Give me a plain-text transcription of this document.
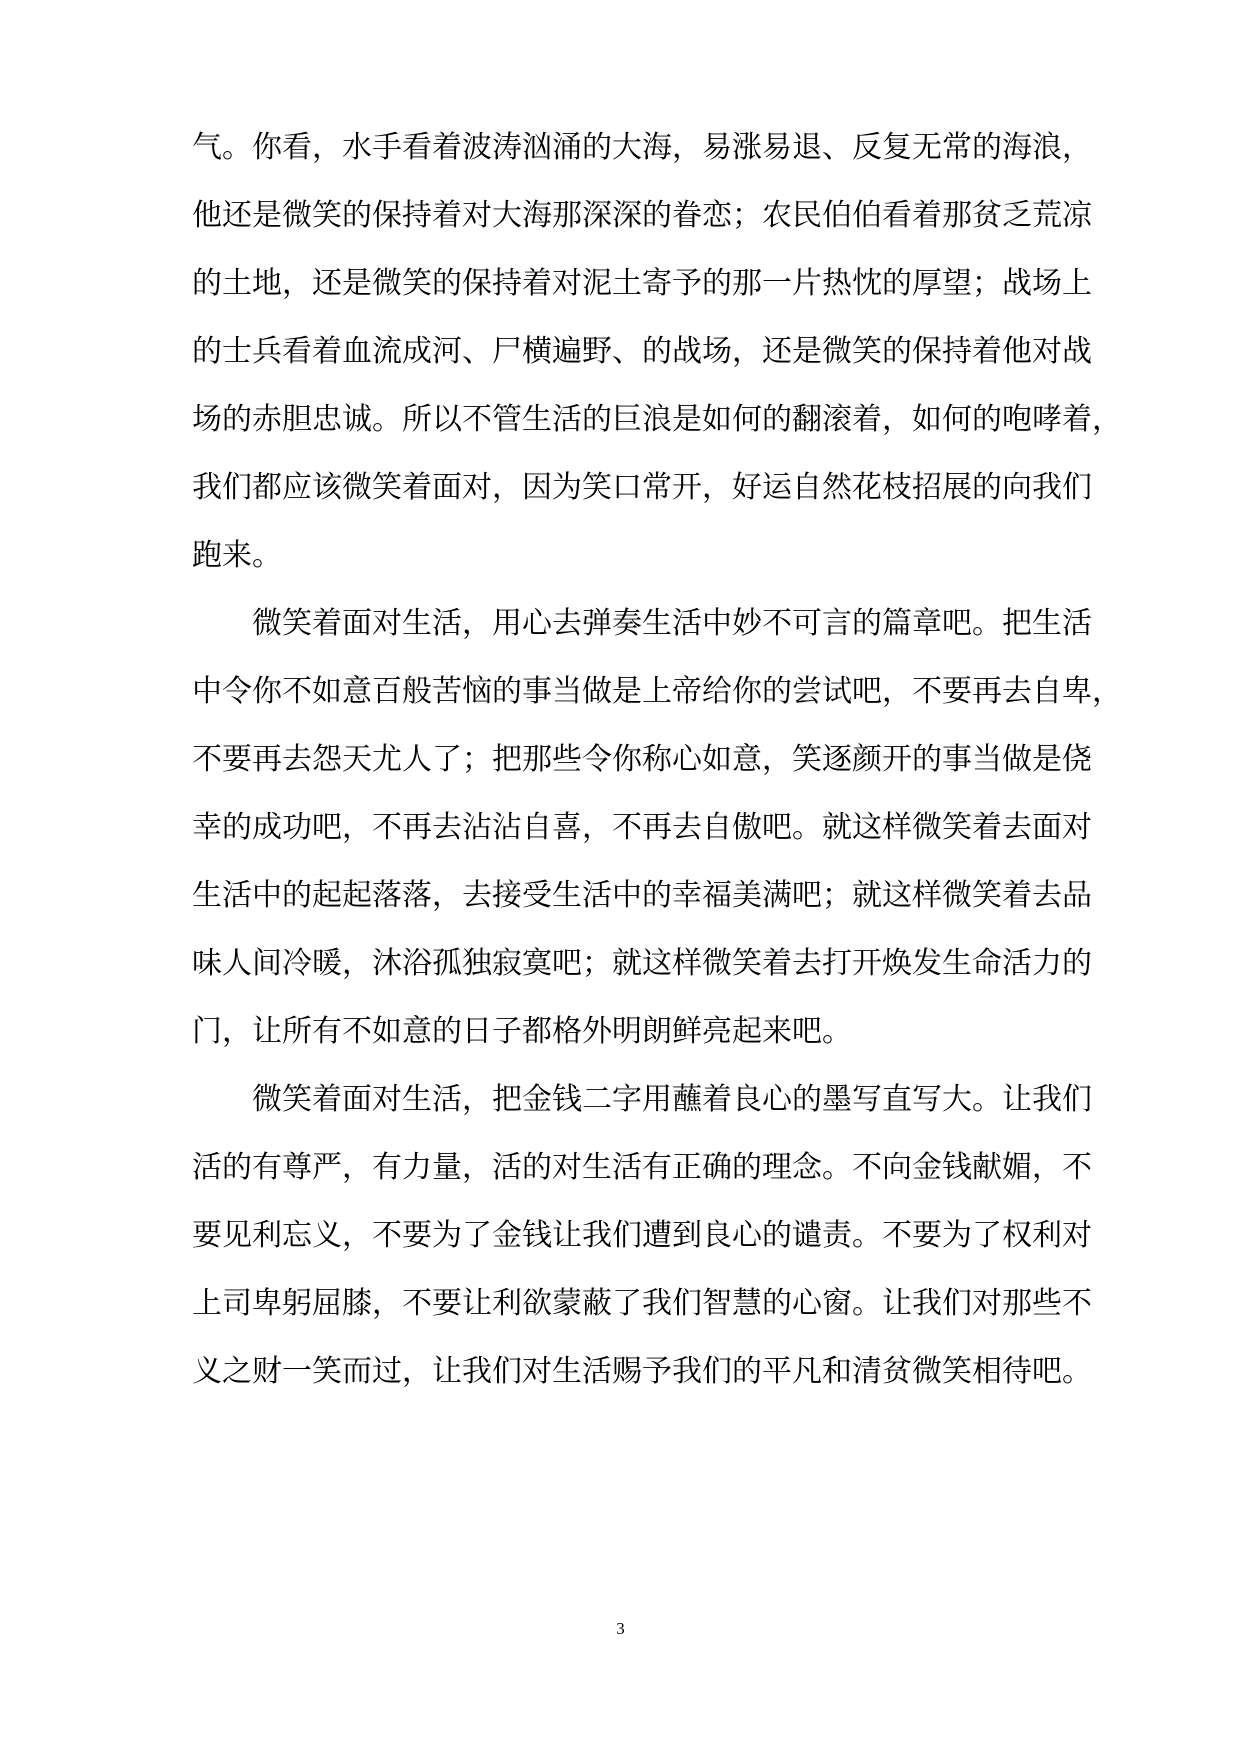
气。你看，水手看着波涛汹涌的大海，易涨易退、反复无常的海浪，
他还是微笑的保持着对大海那深深的眷恋；农民伯伯看着那贫乏荒凉
的土地，还是微笑的保持着对泥土寄予的那一片热忱的厚望；战场上
的士兵看着血流成河、尸横遍野、的战场，还是微笑的保持着他对战
场的赤胆忠诚。所以不管生活的巨浪是如何的翻滚着，如何的咆哮着，
我们都应该微笑着面对，因为笑口常开，好运自然花枝招展的向我们
跑来。
　　微笑着面对生活，用心去弹奏生活中妙不可言的篇章吧。把生活
中令你不如意百般苦恼的事当做是上帝给你的尝试吧，不要再去自卑，
不要再去怨天尤人了；把那些令你称心如意，笑逐颜开的事当做是侥
幸的成功吧，不再去沾沾自喜，不再去自傲吧。就这样微笑着去面对
生活中的起起落落，去接受生活中的幸福美满吧；就这样微笑着去品
味人间冷暖，沐浴孤独寂寞吧；就这样微笑着去打开焕发生命活力的
门，让所有不如意的日子都格外明朗鲜亮起来吧。
　　微笑着面对生活，把金钱二字用蘸着良心的墨写直写大。让我们
活的有尊严，有力量，活的对生活有正确的理念。不向金钱献媚，不
要见利忘义，不要为了金钱让我们遭到良心的谴责。不要为了权利对
上司卑躬屈膝，不要让利欲蒙蔽了我们智慧的心窗。让我们对那些不
义之财一笑而过，让我们对生活赐予我们的平凡和清贫微笑相待吧。
3
